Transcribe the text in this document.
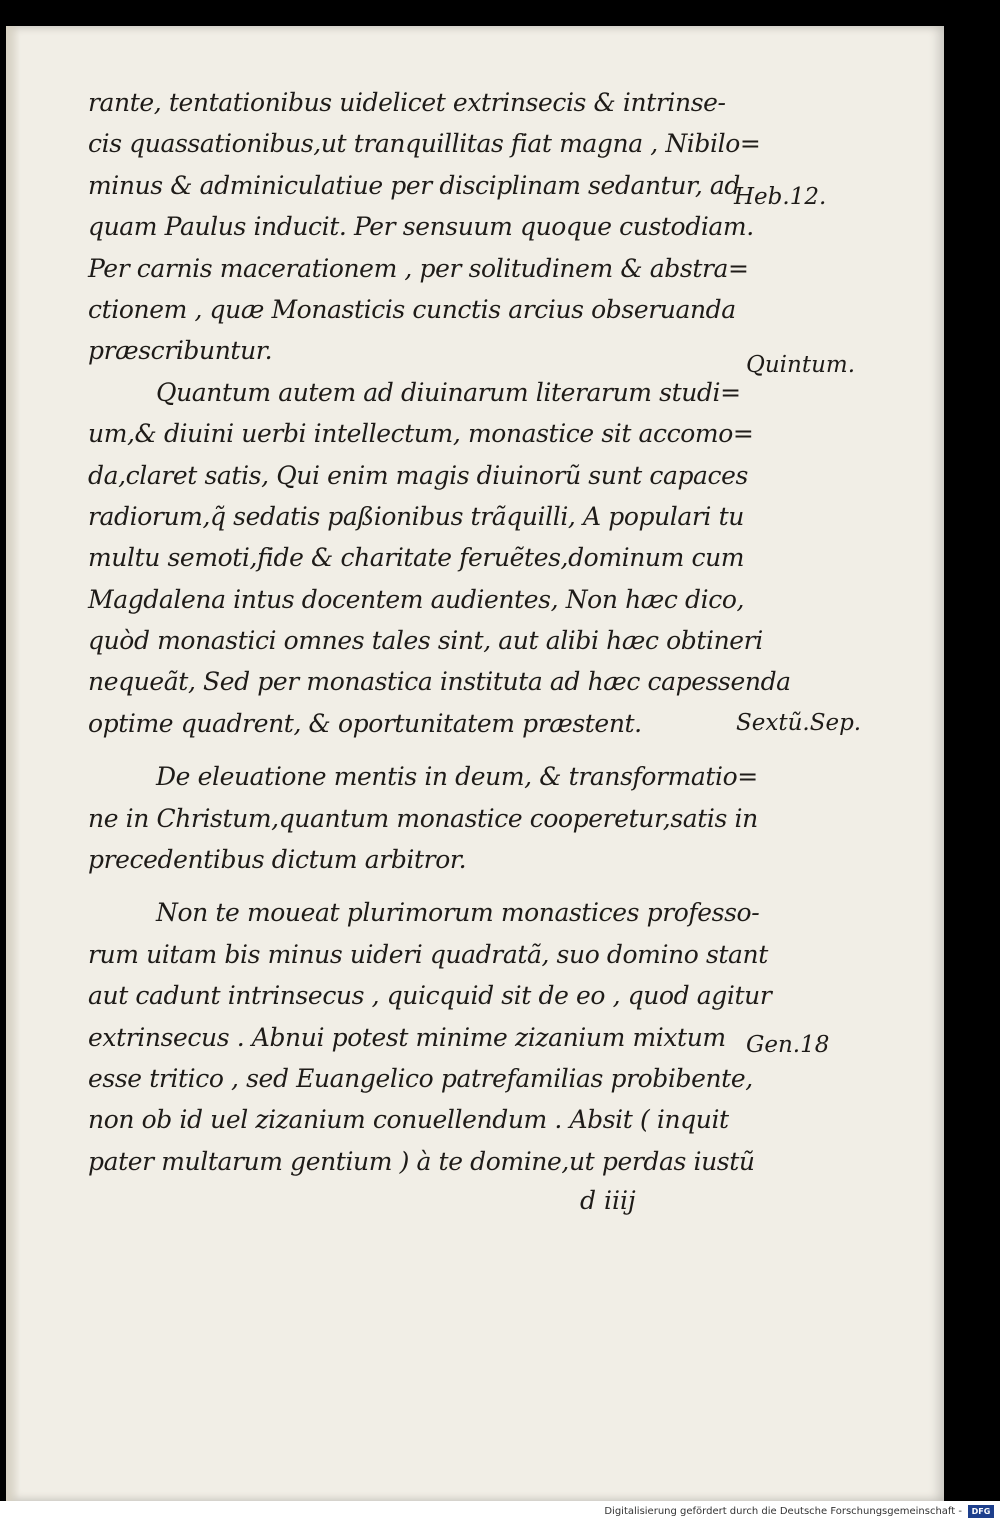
rante, tentationibus uidelicet extrinsecis & intrinse-
cis quassationibus,ut tranquillitas fiat magna , Nibilo=
minus & adminiculatiue per disciplinam sedantur, ad
quam Paulus inducit. Per sensuum quoque custodiam.
Per carnis macerationem , per solitudinem & abstra=
ctionem , quæ Monasticis cunctis arcius obseruanda
præscribuntur.
Quantum autem ad diuinarum literarum studi=
um,& diuini uerbi intellectum, monastice sit accomo=
da,claret satis, Qui enim magis diuinorũ sunt capaces
radiorum,q̃ sedatis paßionibus trãquilli, A populari tu
multu semoti,fide & charitate feruẽtes,dominum cum
Magdalena intus docentem audientes, Non hæc dico,
quòd monastici omnes tales sint, aut alibi hæc obtineri
nequeãt, Sed per monastica instituta ad hæc capessenda
optime quadrent, & oportunitatem præstent.
De eleuatione mentis in deum, & transformatio=
ne in Christum,quantum monastice cooperetur,satis in
precedentibus dictum arbitror.
Non te moueat plurimorum monastices professo-
rum uitam bis minus uideri quadratã, suo domino stant
aut cadunt intrinsecus , quicquid sit de eo , quod agitur
extrinsecus . Abnui potest minime zizanium mixtum
esse tritico , sed Euangelico patrefamilias probibente,
non ob id uel zizanium conuellendum . Absit ( inquit
pater multarum gentium ) à te domine,ut perdas iustũ
d iiij
Heb.12.
Quintum.
Sextũ.Sep.
Gen.18
Digitalisierung gefördert durch die Deutsche Forschungsgemeinschaft -	DFG
